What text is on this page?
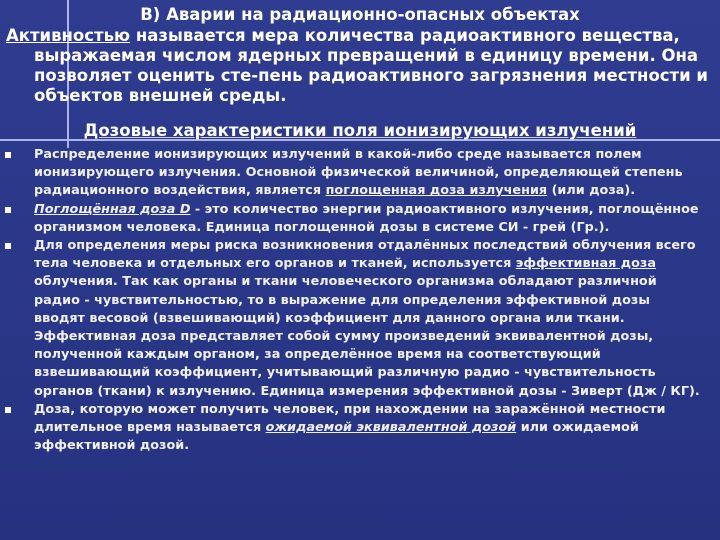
В) Аварии на радиационно-опасных объектах
Активностью называется мера количества радиоактивного вещества,
выражаемая числом ядерных превращений в единицу времени. Она позволяет оценить сте-пень радиоактивного загрязнения местности и объектов внешней среды.
Дозовые характеристики поля ионизирующих излучений
Распределение ионизирующих излучений в какой-либо среде называется полем ионизирующего излучения. Основной физической величиной, определяющей степень радиационного воздействия, является поглощенная доза излучения (или доза).
Поглощённая доза D - это количество энергии радиоактивного излучения, поглощённое организмом человека. Единица поглощенной дозы в системе СИ - грей (Гр.).
Для определения меры риска возникновения отдалённых последствий облучения всего тела человека и отдельных его органов и тканей, используется эффективная доза облучения. Так как органы и ткани человеческого организма обладают различной радио - чувствительностью, то в выражение для определения эффективной дозы вводят весовой (взвешивающий) коэффициент для данного органа или ткани. Эффективная доза представляет собой сумму произведений эквивалентной дозы, полученной каждым органом, за определённое время на соответствующий взвешивающий коэффициент, учитывающий различную радио - чувствительность органов (ткани) к излучению. Единица измерения эффективной дозы - Зиверт (Дж / КГ).
Доза, которую может получить человек, при нахождении на заражённой местности длительное время называется ожидаемой эквивалентной дозой или ожидаемой эффективной дозой.
